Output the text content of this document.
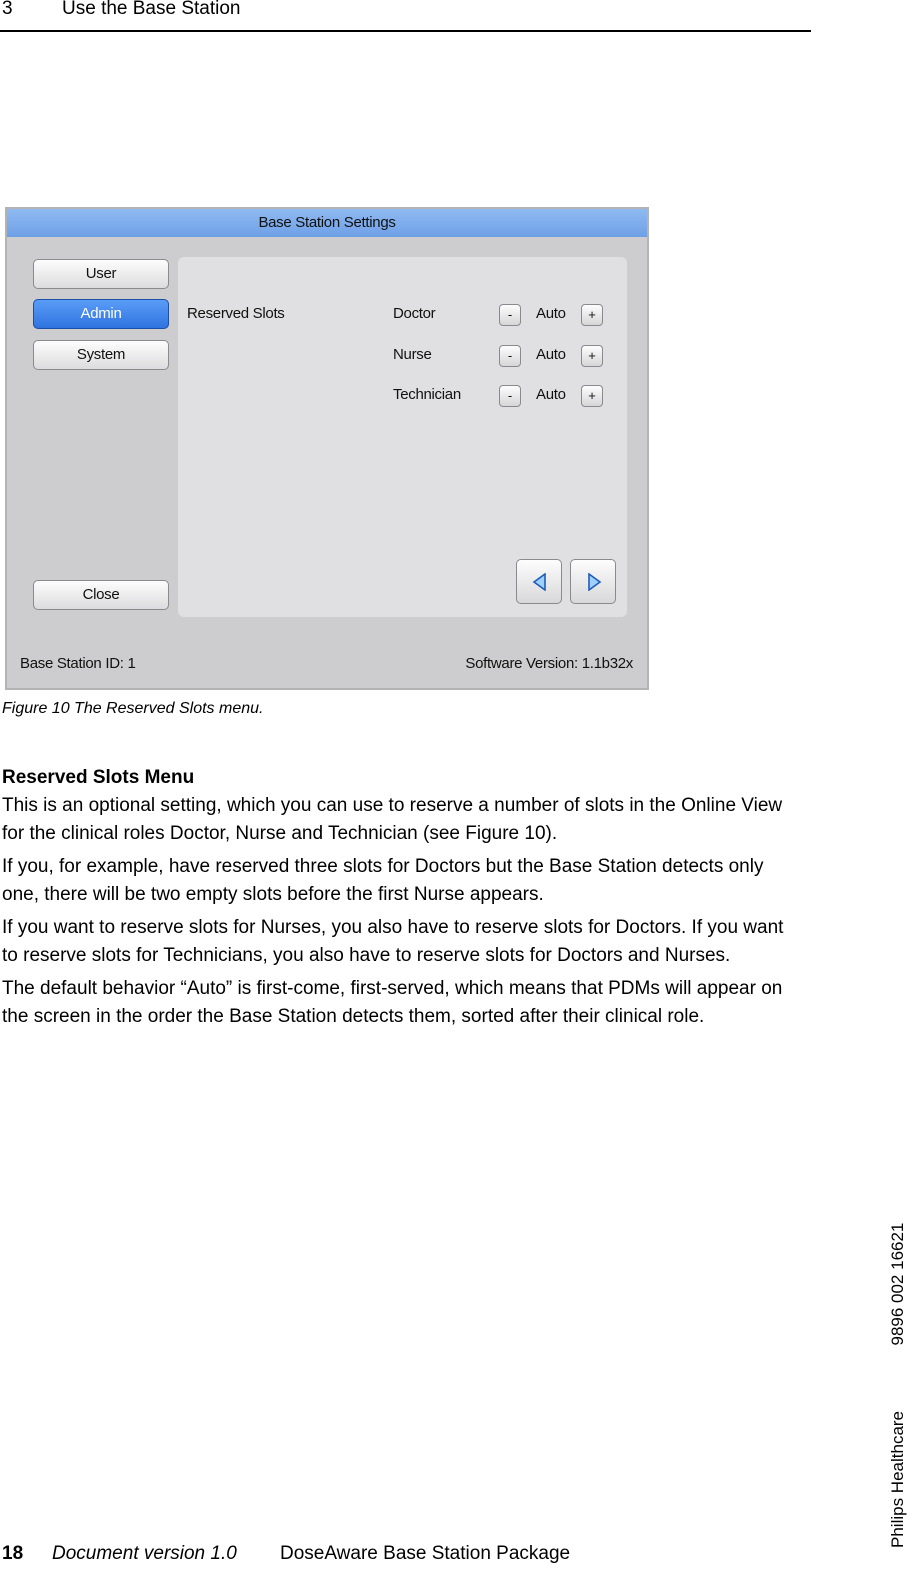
3	Use the Base Station
Base Station Settings
User
Admin
System
Close
Reserved Slots	Doctor	-	Auto	+
Nurse	-	Auto	+
Technician	-	Auto	+
Base Station ID: 1	Software Version: 1.1b32x
Figure 10 The Reserved Slots menu.
Reserved Slots Menu

This is an optional setting, which you can use to reserve a number of slots in the Online View for the clinical roles Doctor, Nurse and Technician (see Figure 10).

If you, for example, have reserved three slots for Doctors but the Base Station detects only one, there will be two empty slots before the first Nurse appears.

If you want to reserve slots for Nurses, you also have to reserve slots for Doctors. If you want to reserve slots for Technicians, you also have to reserve slots for Doctors and Nurses.

The default behavior “Auto” is first-come, first-served, which means that PDMs will appear on the screen in the order the Base Station detects them, sorted after their clinical role.

Philips Healthcare  9896 002 16621
18 Document version 1.0 DoseAware Base Station Package
